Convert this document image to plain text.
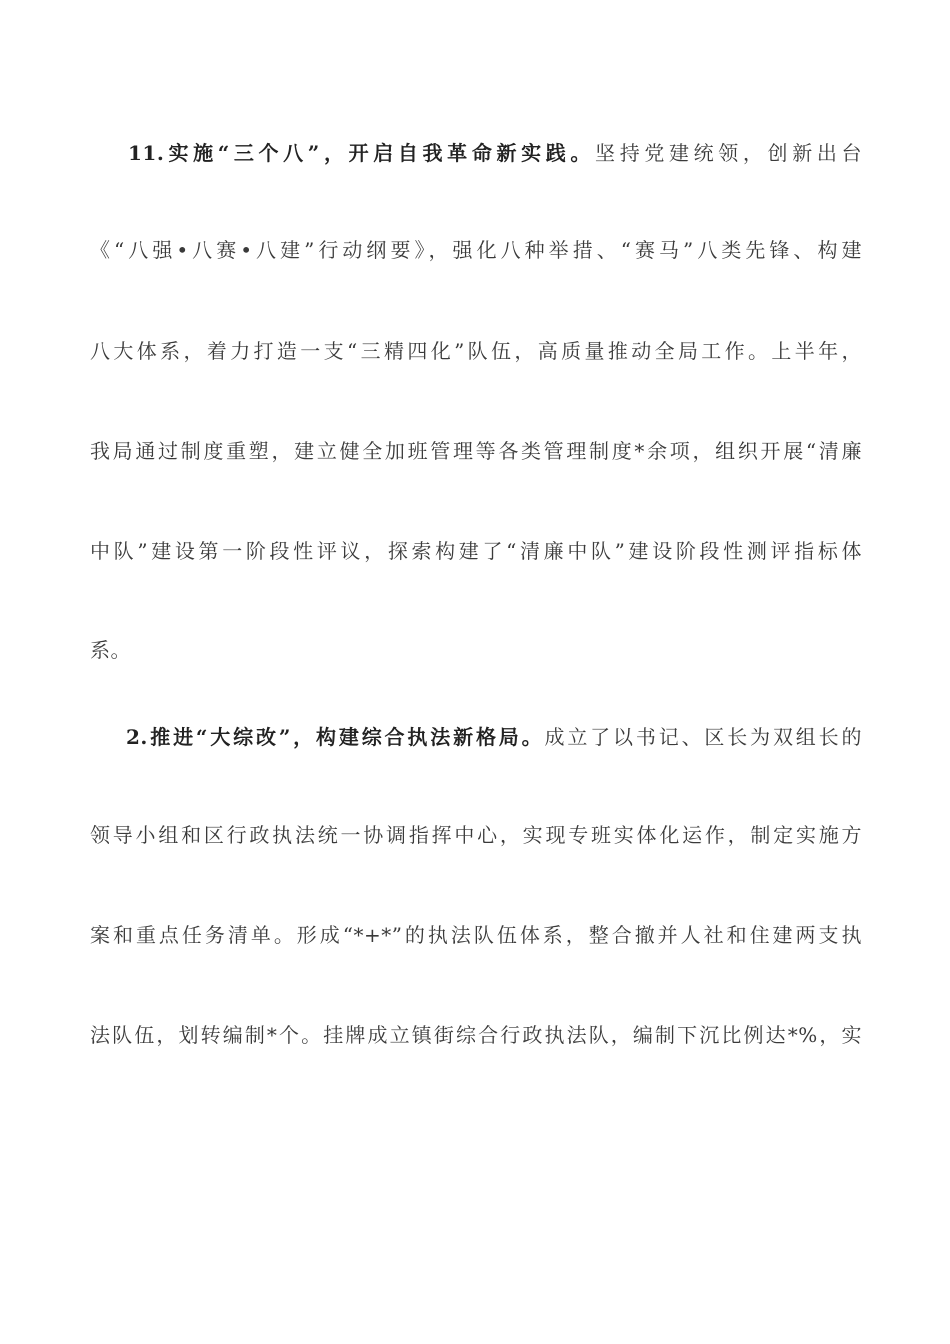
11.实施“三个八”，开启自我革命新实践。坚持党建统领，创新出台
《“八强•八赛•八建”行动纲要》，强化八种举措、“赛马”八类先锋、构建
八大体系，着力打造一支“三精四化”队伍，高质量推动全局工作。上半年，
我局通过制度重塑，建立健全加班管理等各类管理制度*余项，组织开展“清廉
中队”建设第一阶段性评议，探索构建了“清廉中队”建设阶段性测评指标体
系。
2.推进“大综改”，构建综合执法新格局。成立了以书记、区长为双组长的
领导小组和区行政执法统一协调指挥中心，实现专班实体化运作，制定实施方
案和重点任务清单。形成“*+*”的执法队伍体系，整合撤并人社和住建两支执
法队伍，划转编制*个。挂牌成立镇街综合行政执法队，编制下沉比例达*%，实
